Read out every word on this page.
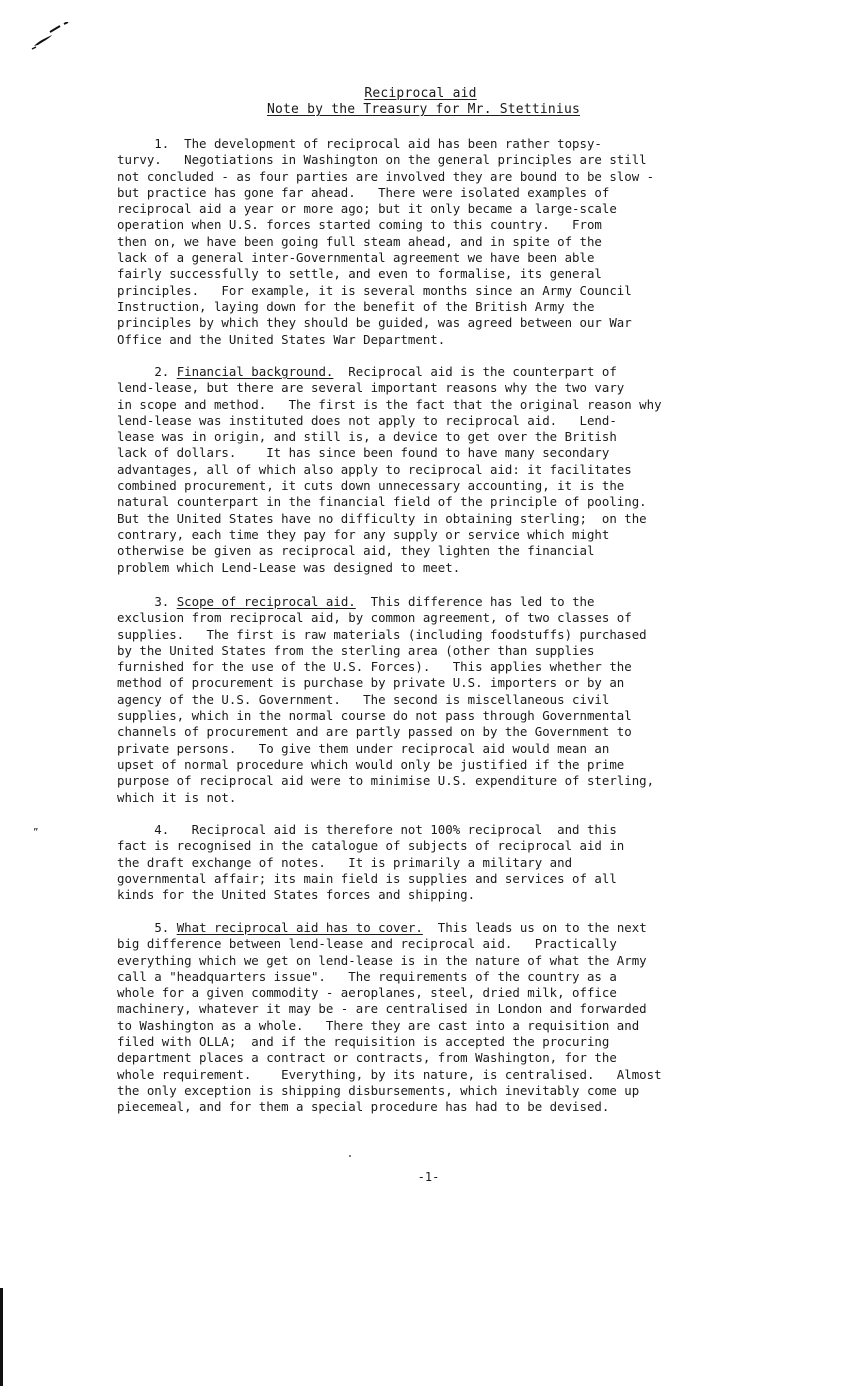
Reciprocal aid
Note by the Treasury for Mr. Stettinius
1.  The development of reciprocal aid has been rather topsy-
turvy.   Negotiations in Washington on the general principles are still
not concluded - as four parties are involved they are bound to be slow -
but practice has gone far ahead.   There were isolated examples of
reciprocal aid a year or more ago; but it only became a large-scale
operation when U.S. forces started coming to this country.   From
then on, we have been going full steam ahead, and in spite of the
lack of a general inter-Governmental agreement we have been able
fairly successfully to settle, and even to formalise, its general
principles.   For example, it is several months since an Army Council
Instruction, laying down for the benefit of the British Army the
principles by which they should be guided, was agreed between our War
Office and the United States War Department.
2. Financial background.  Reciprocal aid is the counterpart of
lend-lease, but there are several important reasons why the two vary
in scope and method.   The first is the fact that the original reason why
lend-lease was instituted does not apply to reciprocal aid.   Lend-
lease was in origin, and still is, a device to get over the British
lack of dollars.    It has since been found to have many secondary
advantages, all of which also apply to reciprocal aid: it facilitates
combined procurement, it cuts down unnecessary accounting, it is the
natural counterpart in the financial field of the principle of pooling.
But the United States have no difficulty in obtaining sterling;  on the
contrary, each time they pay for any supply or service which might
otherwise be given as reciprocal aid, they lighten the financial
problem which Lend-Lease was designed to meet.
3. Scope of reciprocal aid.  This difference has led to the
exclusion from reciprocal aid, by common agreement, of two classes of
supplies.   The first is raw materials (including foodstuffs) purchased
by the United States from the sterling area (other than supplies
furnished for the use of the U.S. Forces).   This applies whether the
method of procurement is purchase by private U.S. importers or by an
agency of the U.S. Government.   The second is miscellaneous civil
supplies, which in the normal course do not pass through Governmental
channels of procurement and are partly passed on by the Government to
private persons.   To give them under reciprocal aid would mean an
upset of normal procedure which would only be justified if the prime
purpose of reciprocal aid were to minimise U.S. expenditure of sterling,
which it is not.
4.   Reciprocal aid is therefore not 100% reciprocal  and this
fact is recognised in the catalogue of subjects of reciprocal aid in
the draft exchange of notes.   It is primarily a military and
governmental affair; its main field is supplies and services of all
kinds for the United States forces and shipping.
5. What reciprocal aid has to cover.  This leads us on to the next
big difference between lend-lease and reciprocal aid.   Practically
everything which we get on lend-lease is in the nature of what the Army
call a "headquarters issue".   The requirements of the country as a
whole for a given commodity - aeroplanes, steel, dried milk, office
machinery, whatever it may be - are centralised in London and forwarded
to Washington as a whole.   There they are cast into a requisition and
filed with OLLA;  and if the requisition is accepted the procuring
department places a contract or contracts, from Washington, for the
whole requirement.    Everything, by its nature, is centralised.   Almost
the only exception is shipping disbursements, which inevitably come up
piecemeal, and for them a special procedure has had to be devised.
”
-1-
